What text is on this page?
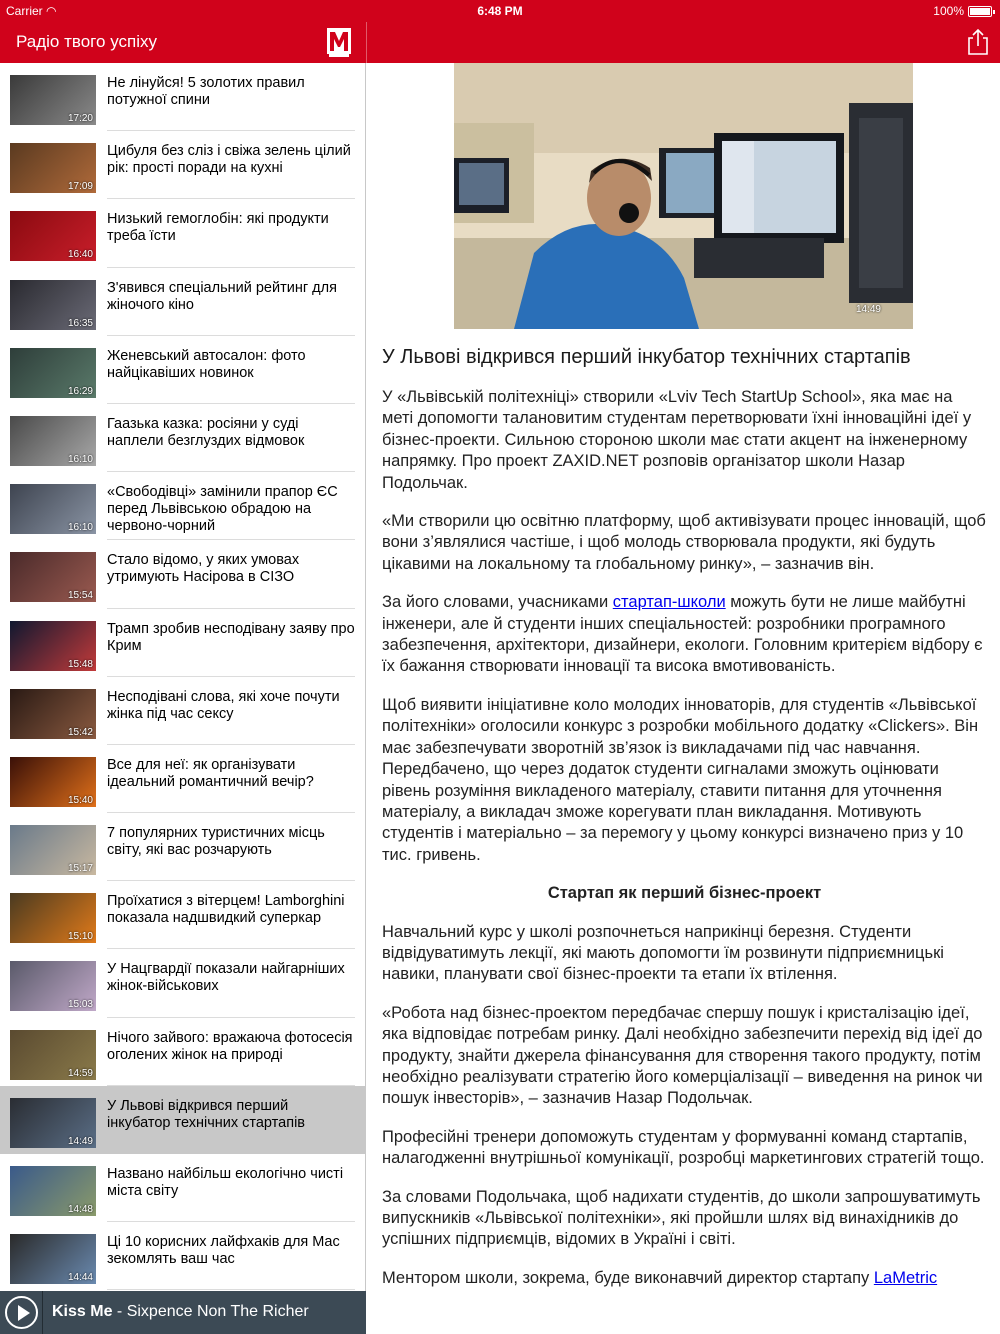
Carrier ◠	6:48 PM	100%
Радіо твого успіху
17:20
Не лінуйся! 5 золотих правил потужної спини
17:09
Цибуля без сліз і свіжа зелень цілий рік: прості поради на кухні
16:40
Низький гемоглобін: які продукти треба їсти
16:35
З'явився спеціальний рейтинг для жіночого кіно
16:29
Женевський автосалон: фото найцікавіших новинок
16:10
Гаазька казка: росіяни у суді наплели безглуздих відмовок
16:10
«Свободівці» замінили прапор ЄС перед Львівською обрадою на червоно-чорний
15:54
Стало відомо, у яких умовах утримують Насірова в СІЗО
15:48
Трамп зробив несподівану заяву про Крим
15:42
Несподівані слова, які хоче почути жінка під час сексу
15:40
Все для неї: як організувати ідеальний романтичний вечір?
15:17
7 популярних туристичних місць світу, які вас розчарують
15:10
Проїхатися з вітерцем! Lamborghini показала надшвидкий суперкар
15:03
У Нацгвардії показали найгарніших жінок-військових
14:59
Нічого зайвого: вражаюча фотосесія оголених жінок на природі
14:49
У Львові відкрився перший інкубатор технічних стартапів
14:48
Названо найбільш екологічно чисті міста світу
14:44
Ці 10 корисних лайфхаків для Mac зекомлять ваш час
Kiss Me - Sixpence Non The Richer
14:49
У Львові відкрився перший інкубатор технічних стартапів

У «Львівській політехніці» створили «Lviv Tech StartUp School», яка має на меті допомогти талановитим студентам перетворювати їхні інноваційні ідеї у бізнес-проекти. Сильною стороною школи має стати акцент на інженерному напрямку. Про проект ZAXID.NET розповів організатор школи Назар Подольчак.

«Ми створили цю освітню платформу, щоб активізувати процес інновацій, щоб вони з’являлися частіше, і щоб молодь створювала продукти, які будуть цікавими на локальному та глобальному ринку», – зазначив він.

За його словами, учасниками стартап-школи можуть бути не лише майбутні інженери, але й студенти інших спеціальностей: розробники програмного забезпечення, архітектори, дизайнери, екологи. Головним критерієм відбору є їх бажання створювати інновації та висока вмотивованість.

Щоб виявити ініціативне коло молодих інноваторів, для студентів «Львівської політехніки» оголосили конкурс з розробки мобільного додатку «Clickers». Він має забезпечувати зворотній зв’язок із викладачами під час навчання. Передбачено, що через додаток студенти сигналами зможуть оцінювати рівень розуміння викладеного матеріалу, ставити питання для уточнення матеріалу, а викладач зможе корегувати план викладання. Мотивують студентів і матеріально – за перемогу у цьому конкурсі визначено приз у 10 тис. гривень.

Стартап як перший бізнес-проект

Навчальний курс у школі розпочнеться наприкінці березня. Студенти відвідуватимуть лекції, які мають допомогти їм розвинути підприємницькі навики, планувати свої бізнес-проекти та етапи їх втілення.

«Робота над бізнес-проектом передбачає спершу пошук і кристалізацію ідеї, яка відповідає потребам ринку. Далі необхідно забезпечити перехід від ідеї до продукту, знайти джерела фінансування для створення такого продукту, потім необхідно реалізувати стратегію його комерціалізації – виведення на ринок чи пошук інвесторів», – зазначив Назар Подольчак.

Професійні тренери допоможуть студентам у формуванні команд стартапів, налагодженні внутрішньої комунікації, розробці маркетингових стратегій тощо.

За словами Подольчака, щоб надихати студентів, до школи запрошуватимуть випускників «Львівської політехніки», які пройшли шлях від винахідників до успішних підприємців, відомих в Україні і світі.

Ментором школи, зокрема, буде виконавчий директор стартапу LaMetric
